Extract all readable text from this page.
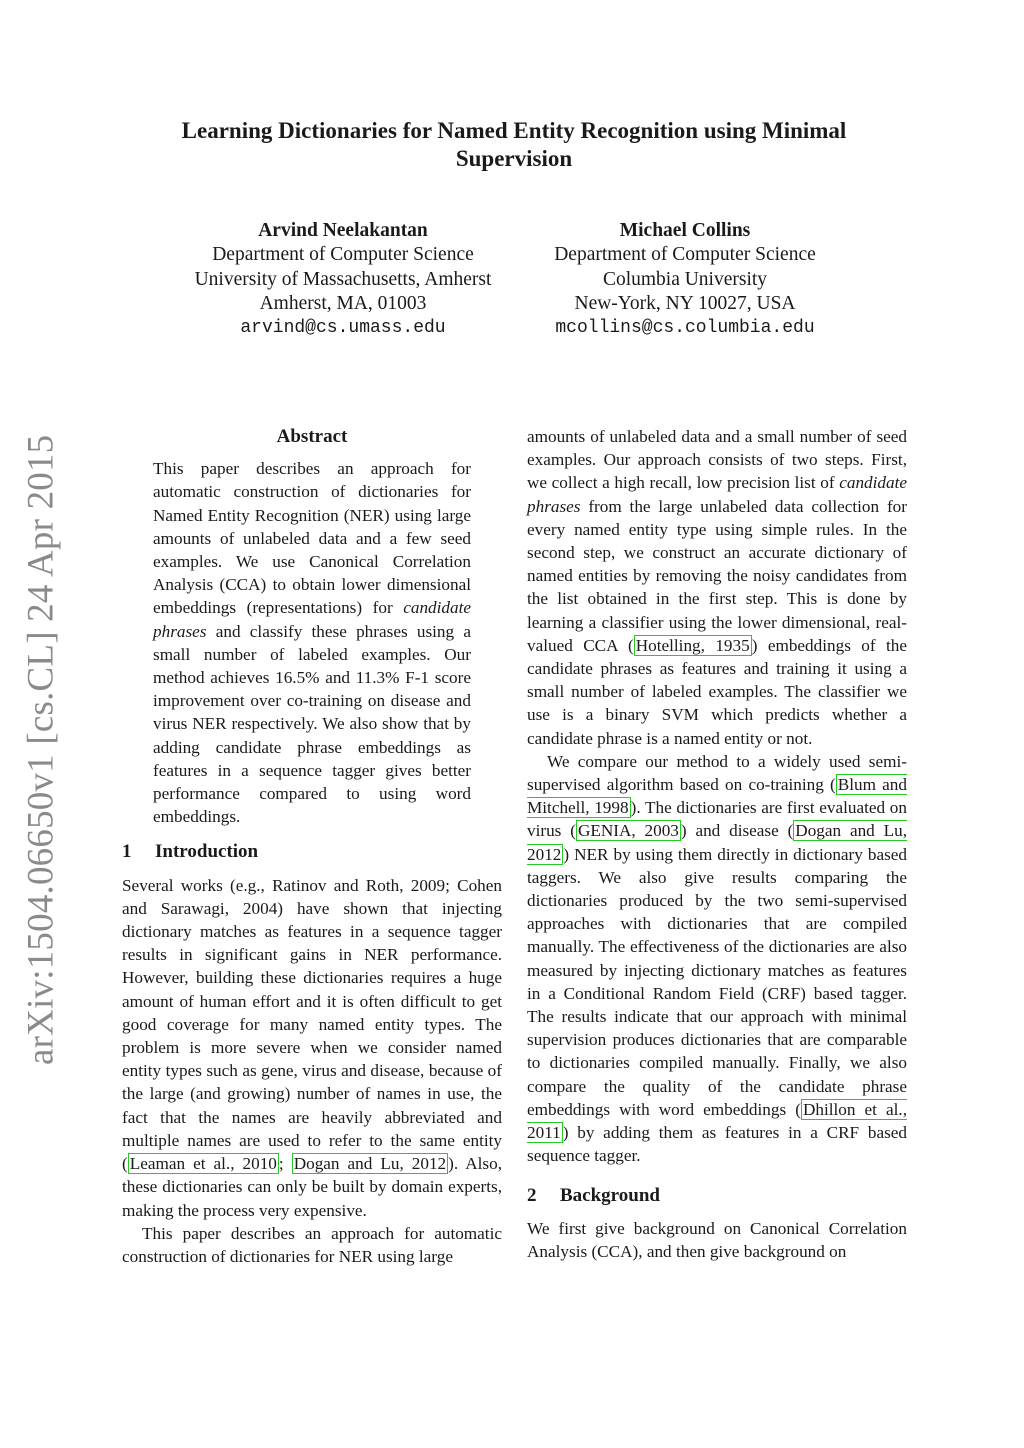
arXiv:1504.06650v1 [cs.CL] 24 Apr 2015
Learning Dictionaries for Named Entity Recognition using Minimal Supervision
Arvind Neelakantan
Department of Computer Science
University of Massachusetts, Amherst
Amherst, MA, 01003
arvind@cs.umass.edu
Michael Collins
Department of Computer Science
Columbia University
New-York, NY 10027, USA
mcollins@cs.columbia.edu
Abstract

This paper describes an approach for automatic construction of dictionaries for Named Entity Recognition (NER) using large amounts of unlabeled data and a few seed examples. We use Canonical Correlation Analysis (CCA) to obtain lower dimensional embeddings (representations) for candidate phrases and classify these phrases using a small number of labeled examples. Our method achieves 16.5% and 11.3% F-1 score improvement over co-training on disease and virus NER respectively. We also show that by adding candidate phrase embeddings as features in a sequence tagger gives better performance compared to using word embeddings.

1 Introduction

Several works (e.g., Ratinov and Roth, 2009; Cohen and Sarawagi, 2004) have shown that injecting dictionary matches as features in a sequence tagger results in significant gains in NER performance. However, building these dictionaries requires a huge amount of human effort and it is often difficult to get good coverage for many named entity types. The problem is more severe when we consider named entity types such as gene, virus and disease, because of the large (and growing) number of names in use, the fact that the names are heavily abbreviated and multiple names are used to refer to the same entity ( Leaman et al., 2010 ; Dogan and Lu, 2012 ). Also, these dictionaries can only be built by domain experts, making the process very expensive.

This paper describes an approach for automatic construction of dictionaries for NER using large

amounts of unlabeled data and a small number of seed examples. Our approach consists of two steps. First, we collect a high recall, low precision list of candidate phrases from the large unlabeled data collection for every named entity type using simple rules. In the second step, we construct an accurate dictionary of named entities by removing the noisy candidates from the list obtained in the first step. This is done by learning a classifier using the lower dimensional, real-valued CCA ( Hotelling, 1935 ) embeddings of the candidate phrases as features and training it using a small number of labeled examples. The classifier we use is a binary SVM which predicts whether a candidate phrase is a named entity or not.

We compare our method to a widely used semi-supervised algorithm based on co-training ( Blum and Mitchell, 1998 ). The dictionaries are first evaluated on virus ( GENIA, 2003 ) and disease ( Dogan and Lu, 2012 ) NER by using them directly in dictionary based taggers. We also give results comparing the dictionaries produced by the two semi-supervised approaches with dictionaries that are compiled manually. The effectiveness of the dictionaries are also measured by injecting dictionary matches as features in a Conditional Random Field (CRF) based tagger. The results indicate that our approach with minimal supervision produces dictionaries that are comparable to dictionaries compiled manually. Finally, we also compare the quality of the candidate phrase embeddings with word embeddings ( Dhillon et al., 2011 ) by adding them as features in a CRF based sequence tagger.

2 Background

We first give background on Canonical Correlation Analysis (CCA), and then give background on
